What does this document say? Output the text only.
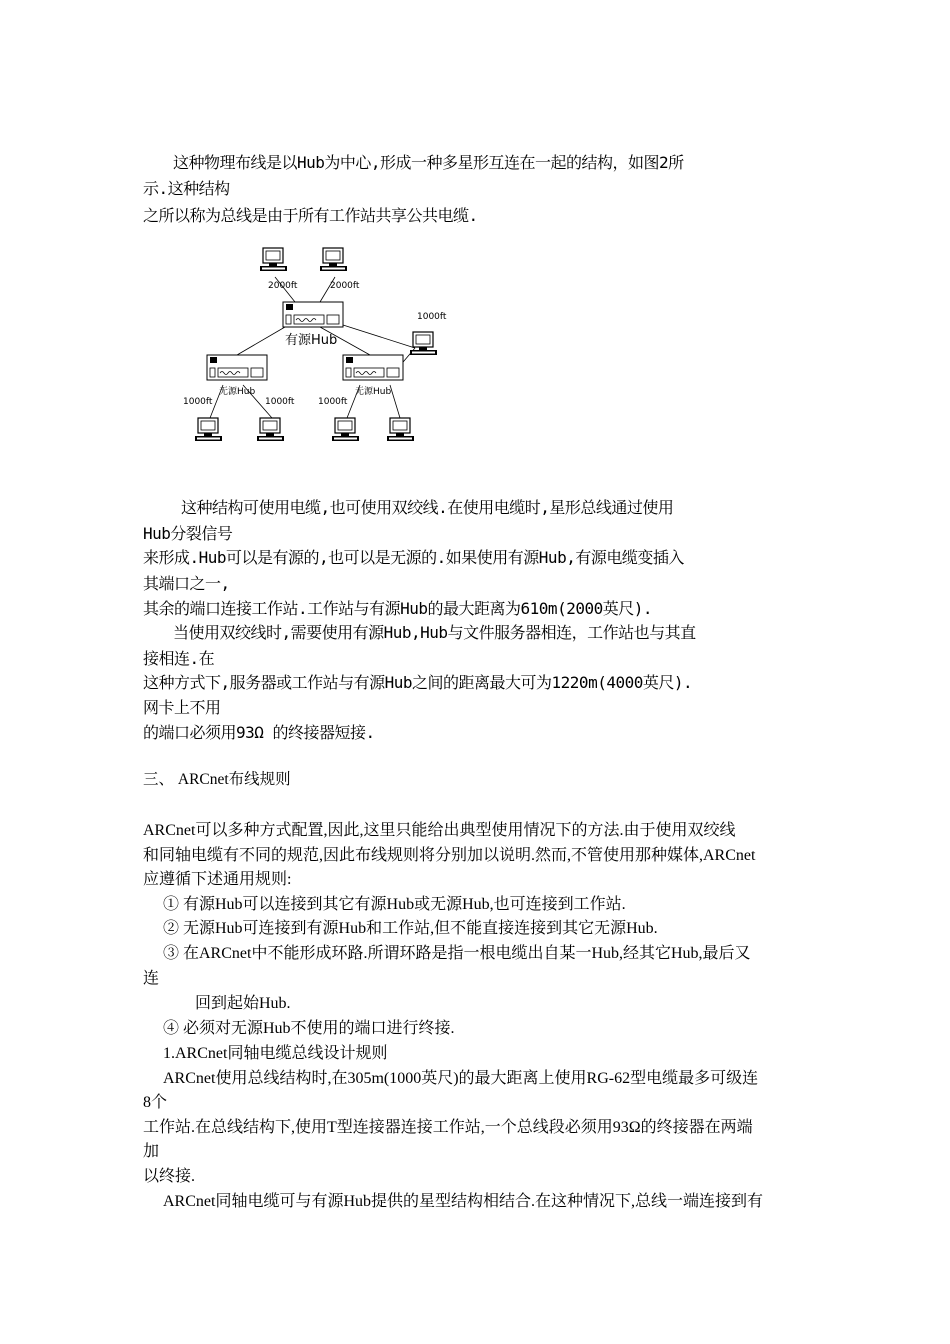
这种物理布线是以Hub为中心,形成一种多星形互连在一起的结构，如图2所
示.这种结构
之所以称为总线是由于所有工作站共享公共电缆.
2000ft	2000ft
1000ft
有源Hub
无源Hub	无源Hub
1000ft	1000ft	1000ft
这种结构可使用电缆,也可使用双绞线.在使用电缆时,星形总线通过使用
Hub分裂信号
来形成.Hub可以是有源的,也可以是无源的.如果使用有源Hub,有源电缆变插入
其端口之一,
其余的端口连接工作站.工作站与有源Hub的最大距离为610m(2000英尺).
当使用双绞线时,需要使用有源Hub,Hub与文件服务器相连，工作站也与其直
接相连.在
这种方式下,服务器或工作站与有源Hub之间的距离最大可为1220m(4000英尺).
网卡上不用
的端口必须用93Ω 的终接器短接.
三、 ARCnet布线规则
ARCnet可以多种方式配置,因此,这里只能给出典型使用情况下的方法.由于使用双绞线
和同轴电缆有不同的规范,因此布线规则将分别加以说明.然而,不管使用那种媒体,ARCnet
应遵循下述通用规则:
① 有源Hub可以连接到其它有源Hub或无源Hub,也可连接到工作站.
② 无源Hub可连接到有源Hub和工作站,但不能直接连接到其它无源Hub.
③ 在ARCnet中不能形成环路.所谓环路是指一根电缆出自某一Hub,经其它Hub,最后又
连
回到起始Hub.
④ 必须对无源Hub不使用的端口进行终接.
1.ARCnet同轴电缆总线设计规则
ARCnet使用总线结构时,在305m(1000英尺)的最大距离上使用RG-62型电缆最多可级连
8个
工作站.在总线结构下,使用T型连接器连接工作站,一个总线段必须用93Ω的终接器在两端
加
以终接.
ARCnet同轴电缆可与有源Hub提供的星型结构相结合.在这种情况下,总线一端连接到有
